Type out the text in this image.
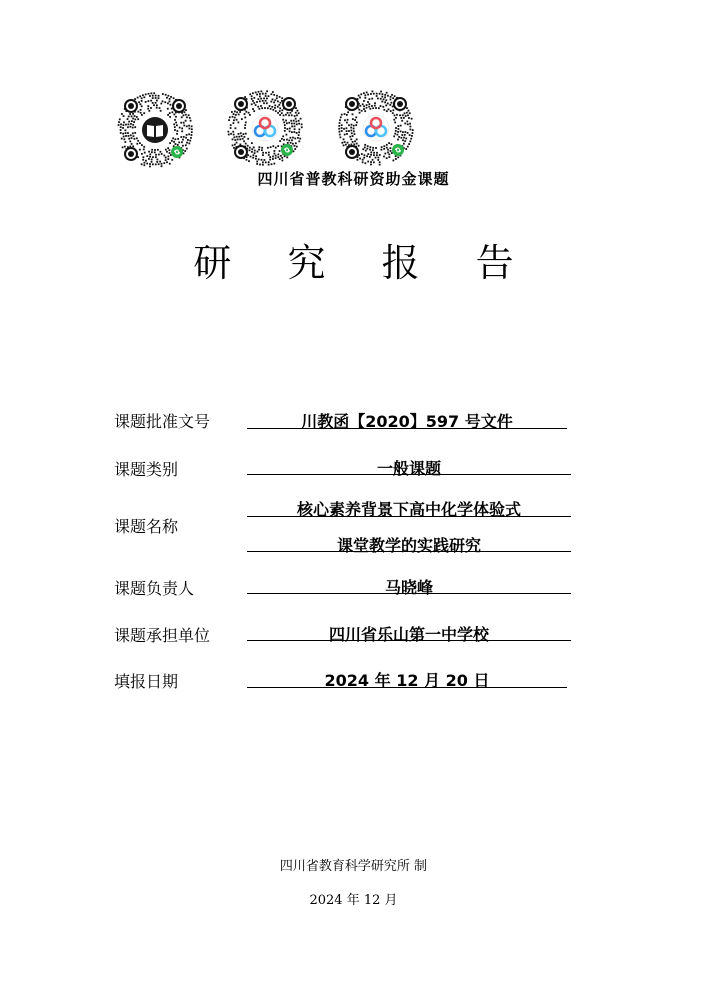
四川省普教科研资助金课题
研 究 报 告
课题批准文号	川教函【2020】597 号文件
课题类别	一般课题
课题名称
核心素养背景下高中化学体验式
课堂教学的实践研究
课题负责人	马晓峰
课题承担单位	四川省乐山第一中学校
填报日期	2024 年 12 月 20 日
四川省教育科学研究所 制
2024 年 12 月
